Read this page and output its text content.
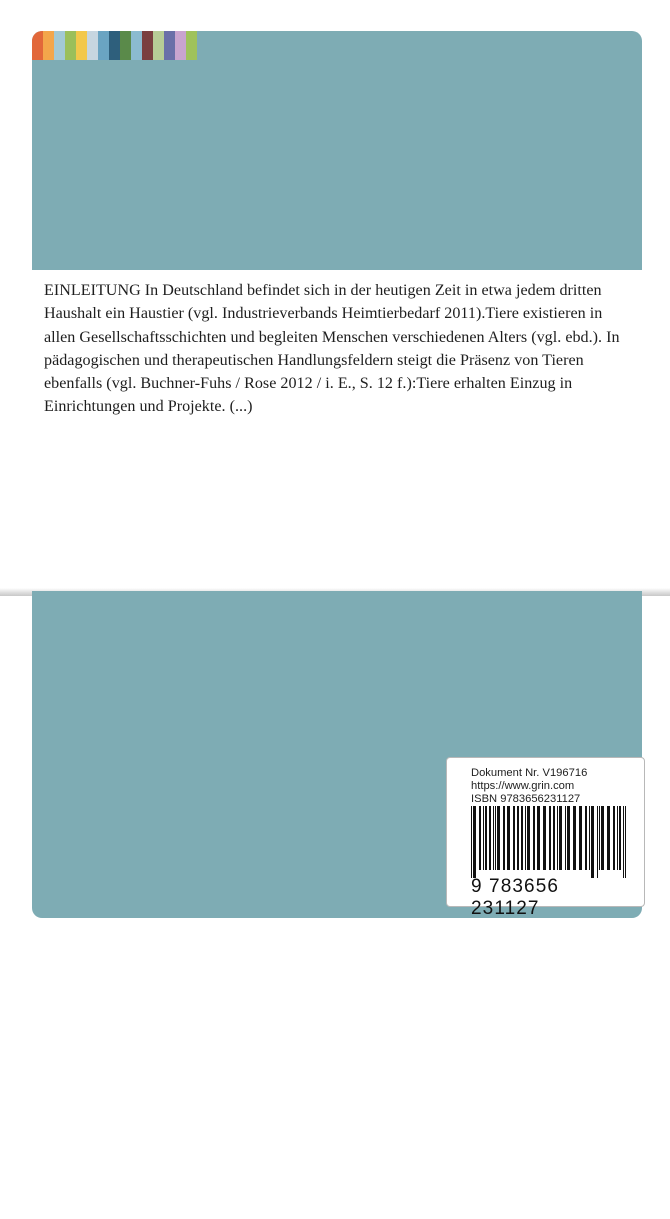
EINLEITUNG In Deutschland befindet sich in der heutigen Zeit in etwa jedem dritten Haushalt ein Haustier (vgl. Industrieverbands Heimtierbedarf 2011).Tiere existieren in allen Gesellschaftsschichten und begleiten Menschen verschiedenen Alters (vgl. ebd.). In pädagogischen und therapeutischen Handlungsfeldern steigt die Präsenz von Tieren ebenfalls (vgl. Buchner-Fuhs / Rose 2012 / i. E., S. 12 f.):Tiere erhalten Einzug in Einrichtungen und Projekte. (...)
www.grin.com
Dokument Nr. V196716
https://www.grin.com
ISBN 9783656231127
9 783656 231127
